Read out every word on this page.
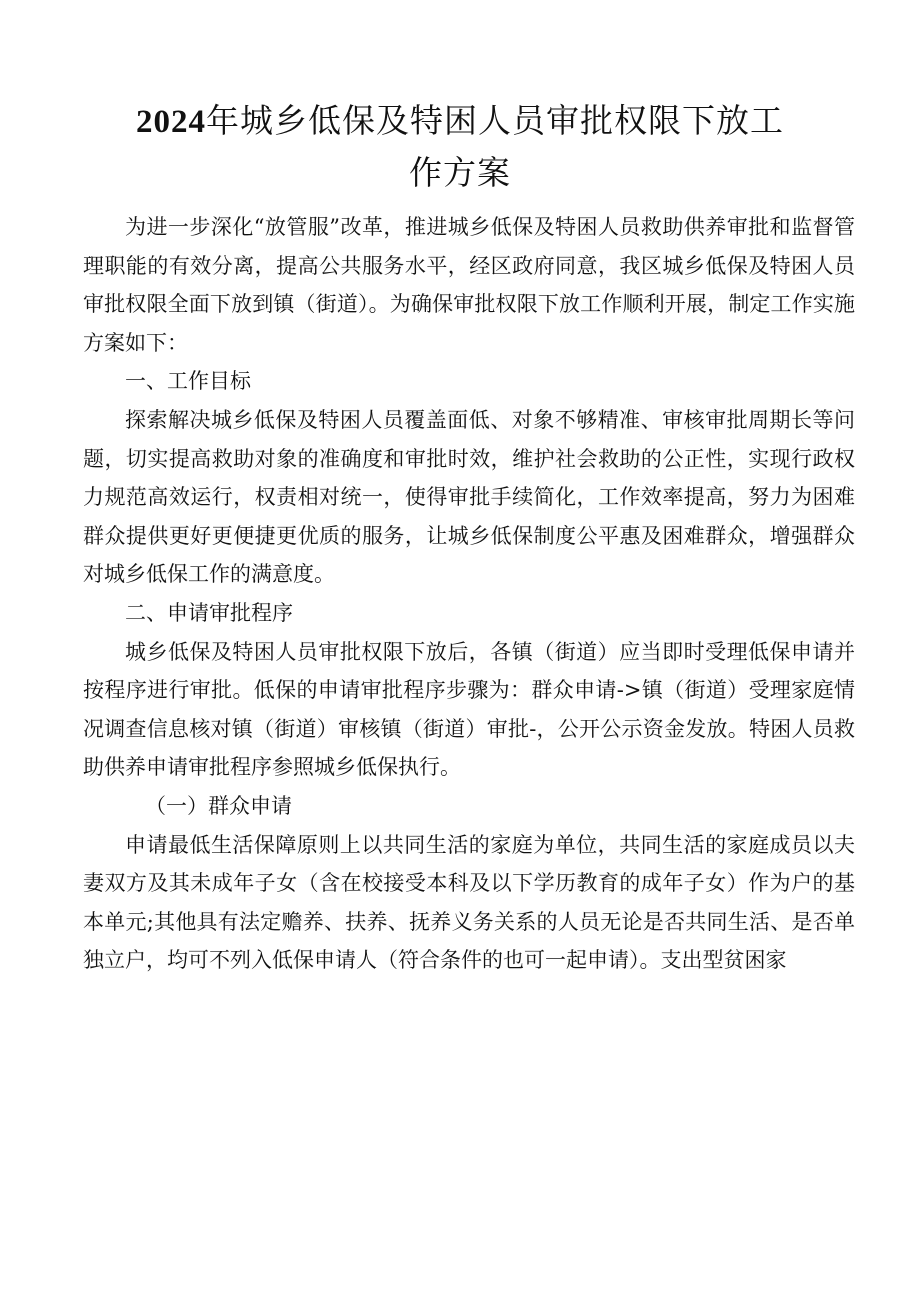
2024年城乡低保及特困人员审批权限下放工
作方案

为进一步深化“放管服”改革，推进城乡低保及特困人员救助供养审批和监督管理职能的有效分离，提高公共服务水平，经区政府同意，我区城乡低保及特困人员审批权限全面下放到镇（街道）。为确保审批权限下放工作顺利开展，制定工作实施方案如下：

一、工作目标

探索解决城乡低保及特困人员覆盖面低、对象不够精准、审核审批周期长等问题，切实提高救助对象的准确度和审批时效，维护社会救助的公正性，实现行政权力规范高效运行，权责相对统一，使得审批手续简化，工作效率提高，努力为困难群众提供更好更便捷更优质的服务，让城乡低保制度公平惠及困难群众，增强群众对城乡低保工作的满意度。

二、申请审批程序

城乡低保及特困人员审批权限下放后，各镇（街道）应当即时受理低保申请并按程序进行审批。低保的申请审批程序步骤为：群众申请->镇（街道）受理家庭情况调查信息核对镇（街道）审核镇（街道）审批-，公开公示资金发放。特困人员救助供养申请审批程序参照城乡低保执行。

（一）群众申请

申请最低生活保障原则上以共同生活的家庭为单位，共同生活的家庭成员以夫妻双方及其未成年子女（含在校接受本科及以下学历教育的成年子女）作为户的基本单元;其他具有法定赡养、扶养、抚养义务关系的人员无论是否共同生活、是否单独立户，均可不列入低保申请人（符合条件的也可一起申请）。支出型贫困家
